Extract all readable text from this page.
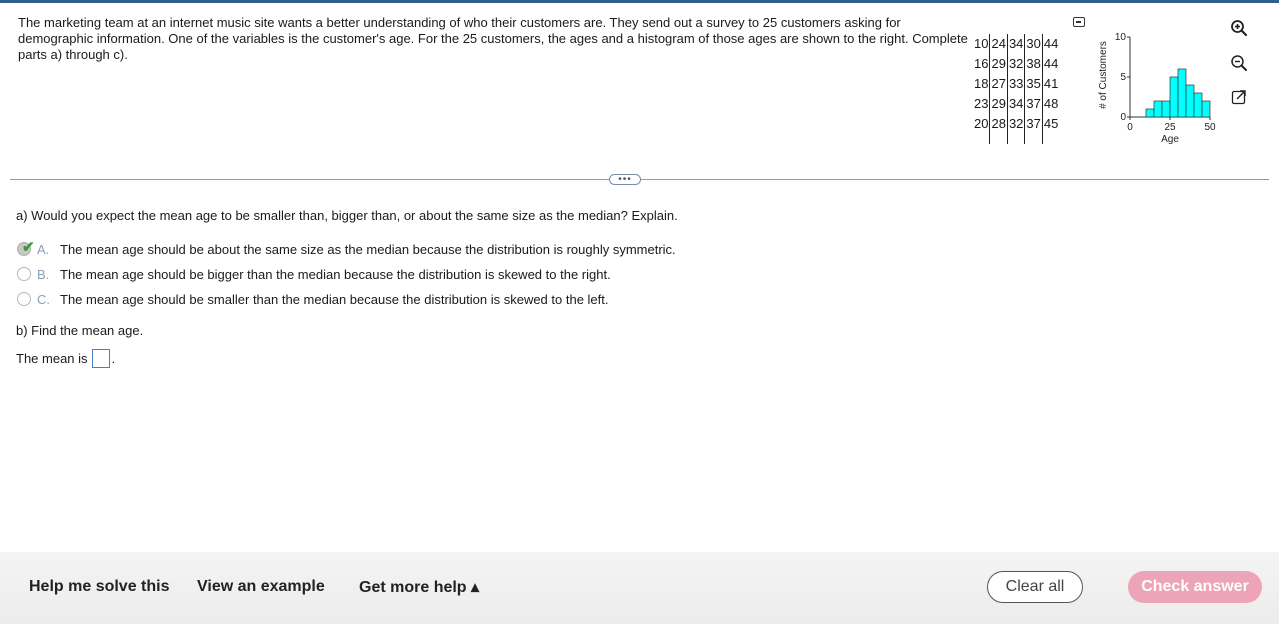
The marketing team at an internet music site wants a better understanding of who their customers are. They send out a survey to 25 customers asking for demographic information. One of the variables is the customer's age. For the 25 customers, the ages and a histogram of those ages are shown to the right. Complete parts a) through c).
10	24	34	30	44
16	29	32	38	44
18	27	33	35	41
23	29	34	37	48
20	28	32	37	45
					0
5
10
0	25	50
Age
# of Customers
•••
a) Would you expect the mean age to be smaller than, bigger than, or about the same size as the median? Explain.
✔ A. The mean age should be about the same size as the median because the distribution is roughly symmetric.
B. The mean age should be bigger than the median because the distribution is skewed to the right.
C. The mean age should be smaller than the median because the distribution is skewed to the left.
b) Find the mean age.
The mean is .
Help me solve this View an example Get more help ▴	Clear all	Check answer
